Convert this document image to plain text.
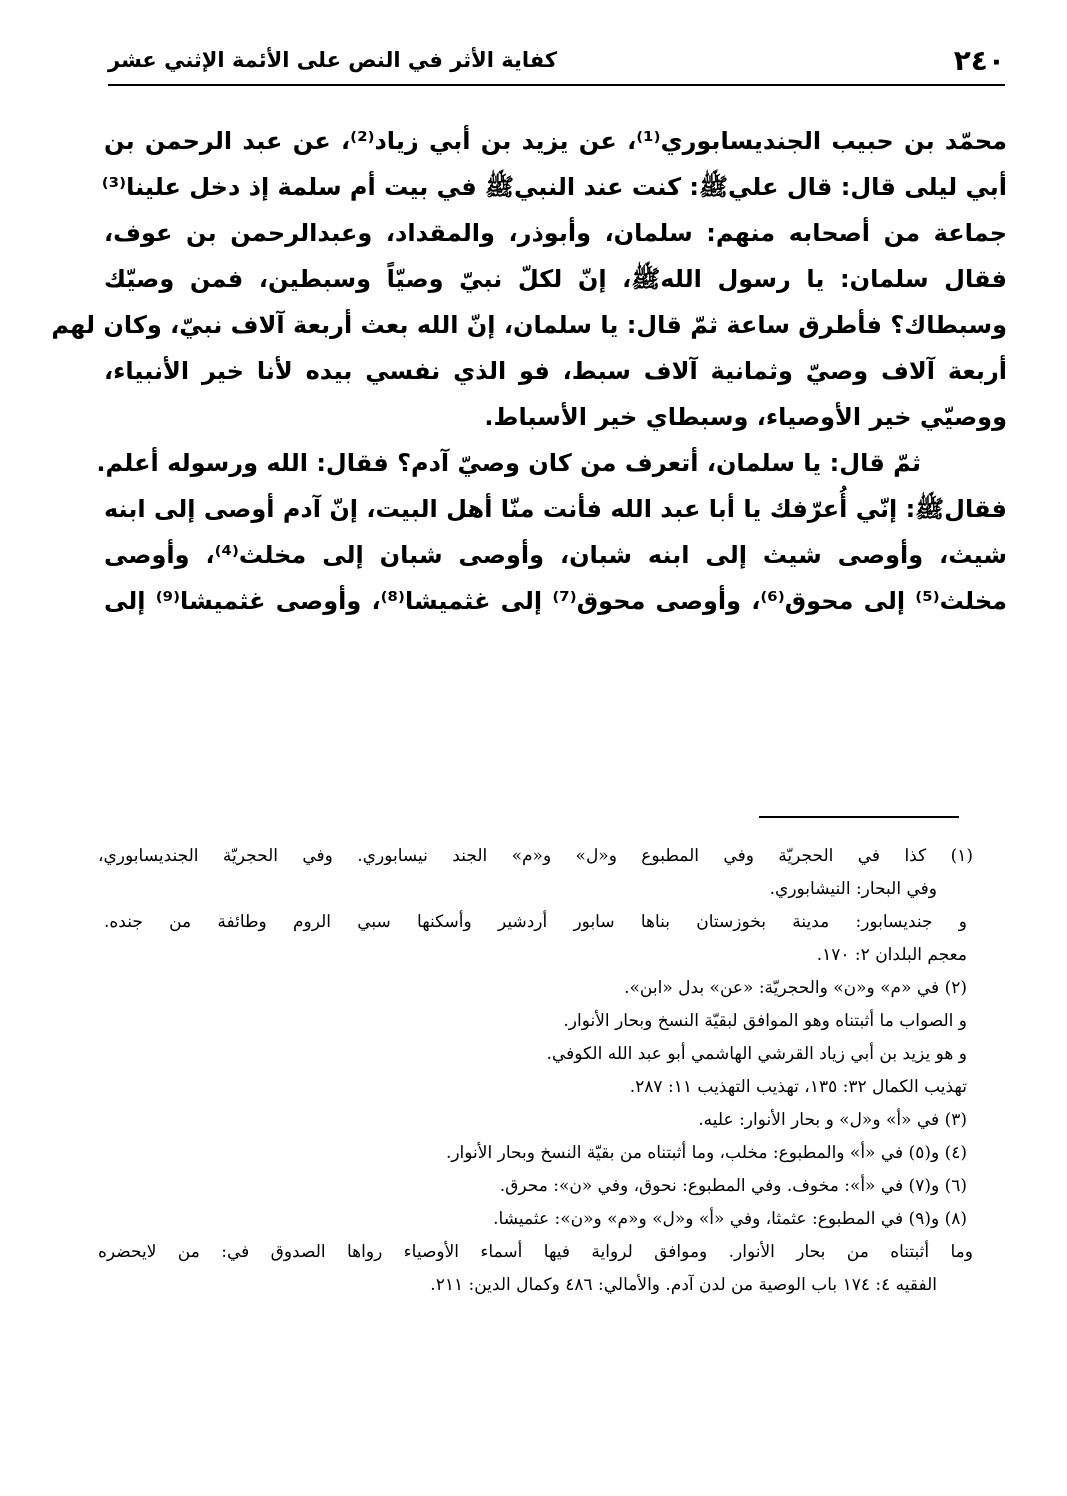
٢٤٠
كفاية الأثر في النص على الأئمة الإثني عشر
محمّد بن حبيب الجنديسابوري⁽¹⁾، عن يزيد بن أبي زياد⁽²⁾، عن عبد الرحمن بن
أبي ليلى قال: قال عليﷺ: كنت عند النبيﷺ في بيت أم سلمة إذ دخل علينا⁽³⁾
جماعة من أصحابه منهم: سلمان، وأبوذر، والمقداد، وعبدالرحمن بن عوف،
فقال سلمان: يا رسول اللهﷺ، إنّ لكلّ نبيّ وصيّاً وسبطين، فمن وصيّك
وسبطاك؟ فأطرق ساعة ثمّ قال: يا سلمان، إنّ الله بعث أربعة آلاف نبيّ، وكان لهم
أربعة آلاف وصيّ وثمانية آلاف سبط، فو الذي نفسي بيده لأنا خير الأنبياء،
ووصيّي خير الأوصياء، وسبطاي خير الأسباط.
ثمّ قال: يا سلمان، أتعرف من كان وصيّ آدم؟ فقال: الله ورسوله أعلم.
فقالﷺ: إنّي أُعرّفك يا أبا عبد الله فأنت منّا أهل البيت، إنّ آدم أوصى إلى ابنه
شيث، وأوصى شيث إلى ابنه شبان، وأوصى شبان إلى مخلث⁽⁴⁾، وأوصى
مخلث⁽⁵⁾ إلى محوق⁽⁶⁾، وأوصى محوق⁽⁷⁾ إلى غثميشا⁽⁸⁾، وأوصى غثميشا⁽⁹⁾ إلى
(١) كذا في الحجريّة وفي المطبوع و«ل» و«م» الجند نيسابوري. وفي الحجريّة الجنديسابوري،
وفي البحار: النيشابوري.
و جنديسابور: مدينة بخوزستان بناها سابور أردشير وأسكنها سبي الروم وطائفة من جنده.
معجم البلدان ٢: ١٧٠.
(٢) في «م» و«ن» والحجريّة: «عن» بدل «ابن».
و الصواب ما أثبتناه وهو الموافق لبقيّة النسخ وبحار الأنوار.
و هو يزيد بن أبي زياد القرشي الهاشمي أبو عبد الله الكوفي.
تهذيب الكمال ٣٢: ١٣٥، تهذيب التهذيب ١١: ٢٨٧.
(٣) في «أ» و«ل» و بحار الأنوار: عليه.
(٤) و(٥) في «أ» والمطبوع: مخلب، وما أثبتناه من بقيّة النسخ وبحار الأنوار.
(٦) و(٧) في «أ»: مخوف. وفي المطبوع: نحوق، وفي «ن»: محرق.
(٨) و(٩) في المطبوع: عثمثا، وفي «أ» و«ل» و«م» و«ن»: عثميشا.
وما أثبتناه من بحار الأنوار. وموافق لرواية فيها أسماء الأوصياء رواها الصدوق في: من لايحضره
الفقيه ٤: ١٧٤ باب الوصية من لدن آدم. والأمالي: ٤٨٦ وكمال الدين: ٢١١.
